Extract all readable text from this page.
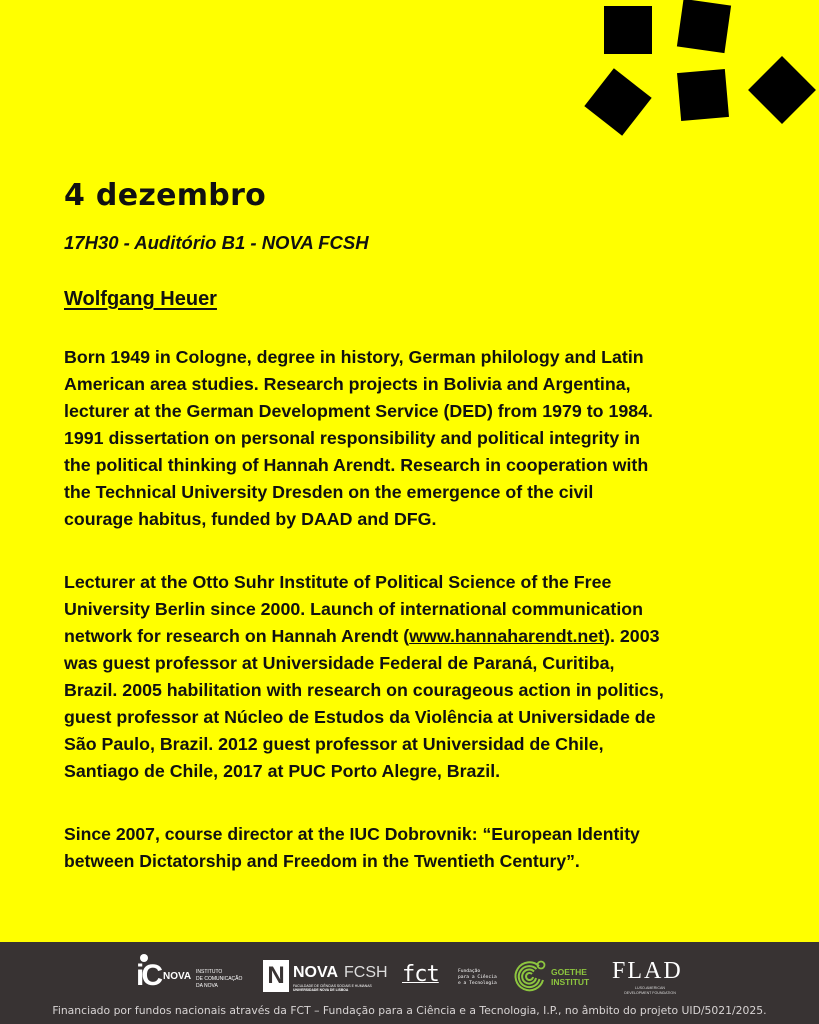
4 dezembro
17H30 - Auditório B1 - NOVA FCSH
Wolfgang Heuer
Born 1949 in Cologne, degree in history, German philology and Latin
American area studies. Research projects in Bolivia and Argentina,
lecturer at the German Development Service (DED) from 1979 to 1984.
1991 dissertation on personal responsibility and political integrity in
the political thinking of Hannah Arendt. Research in cooperation with
the Technical University Dresden on the emergence of the civil
courage habitus, funded by DAAD and DFG.
Lecturer at the Otto Suhr Institute of Political Science of the Free
University Berlin since 2000. Launch of international communication
network for research on Hannah Arendt (www.hannaharendt.net). 2003
was guest professor at Universidade Federal de Paraná, Curitiba,
Brazil. 2005 habilitation with research on courageous action in politics,
guest professor at Núcleo de Estudos da Violência at Universidade de
São Paulo, Brazil. 2012 guest professor at Universidad de Chile,
Santiago de Chile, 2017 at PUC Porto Alegre, Brazil.
Since 2007, course director at the IUC Dobrovnik: “European Identity
between Dictatorship and Freedom in the Twentieth Century”.
iC NOVA INSTITUTO
DE COMUNICAÇÃO
DA NOVA N NOVA FCSH
FACULDADE DE CIÊNCIAS SOCIAIS E HUMANAS
UNIVERSIDADE NOVA DE LISBOA
fct	Fundação
para a Ciência
e a Tecnologia
GOETHE
INSTITUT FLAD
LUSO-AMERICAN
DEVELOPMENT FOUNDATION
Financiado por fundos nacionais através da FCT – Fundação para a Ciência e a Tecnologia, I.P., no âmbito do projeto UID/5021/2025.
